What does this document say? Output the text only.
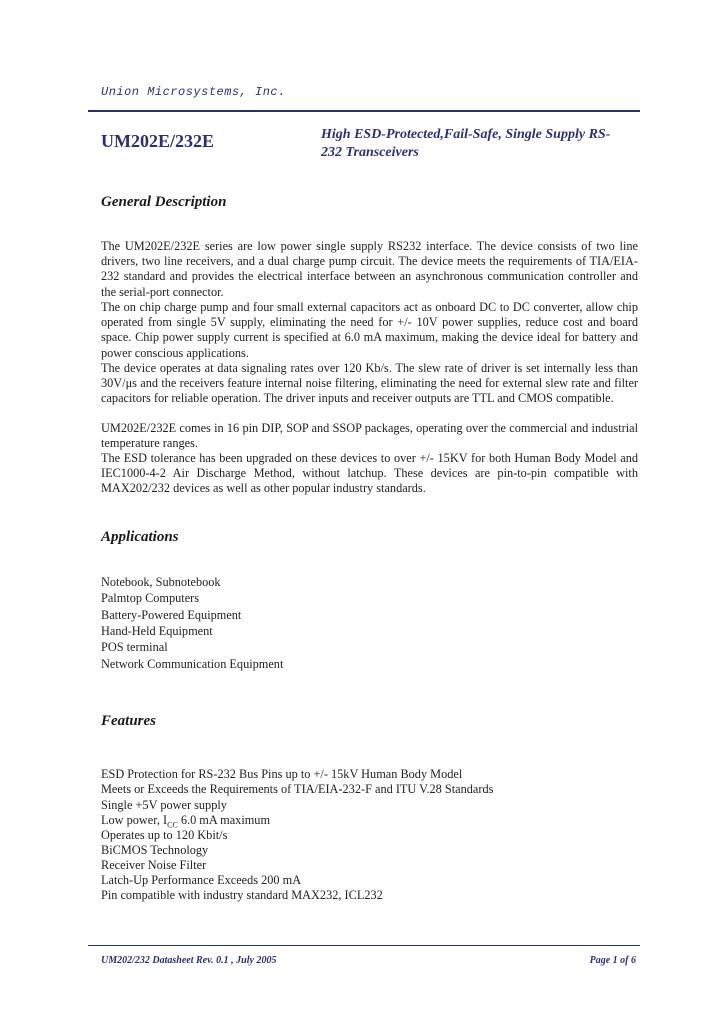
Union Microsystems, Inc.
UM202E/232E	High ESD-Protected,Fail-Safe, Single Supply RS-232 Transceivers
General Description
The UM202E/232E series are low power single supply RS232 interface. The device consists of two line drivers, two line receivers, and a dual charge pump circuit. The device meets the requirements of TIA/EIA-232 standard and provides the electrical interface between an asynchronous communication controller and the serial-port connector.
The on chip charge pump and four small external capacitors act as onboard DC to DC converter, allow chip operated from single 5V supply, eliminating the need for +/- 10V power supplies, reduce cost and board space. Chip power supply current is specified at 6.0 mA maximum, making the device ideal for battery and power conscious applications.
The device operates at data signaling rates over 120 Kb/s. The slew rate of driver is set internally less than 30V/μs and the receivers feature internal noise filtering, eliminating the need for external slew rate and filter capacitors for reliable operation. The driver inputs and receiver outputs are TTL and CMOS compatible.
UM202E/232E comes in 16 pin DIP, SOP and SSOP packages, operating over the commercial and industrial temperature ranges.
The ESD tolerance has been upgraded on these devices to over +/- 15KV for both Human Body Model and IEC1000-4-2 Air Discharge Method, without latchup. These devices are pin-to-pin compatible with MAX202/232 devices as well as other popular industry standards.
Applications
Notebook, Subnotebook
Palmtop Computers
Battery-Powered Equipment
Hand-Held Equipment
POS terminal
Network Communication Equipment
Features
ESD Protection for RS-232 Bus Pins up to +/- 15kV Human Body Model
Meets or Exceeds the Requirements of TIA/EIA-232-F and ITU V.28 Standards
Single +5V power supply
Low power, $I_{CC}$ 6.0 mA maximum
Operates up to 120 Kbit/s
BiCMOS Technology
Receiver Noise Filter
Latch-Up Performance Exceeds 200 mA
Pin compatible with industry standard MAX232, ICL232
UM202/232 Datasheet Rev. 0.1 , July 2005	Page 1 of 6
